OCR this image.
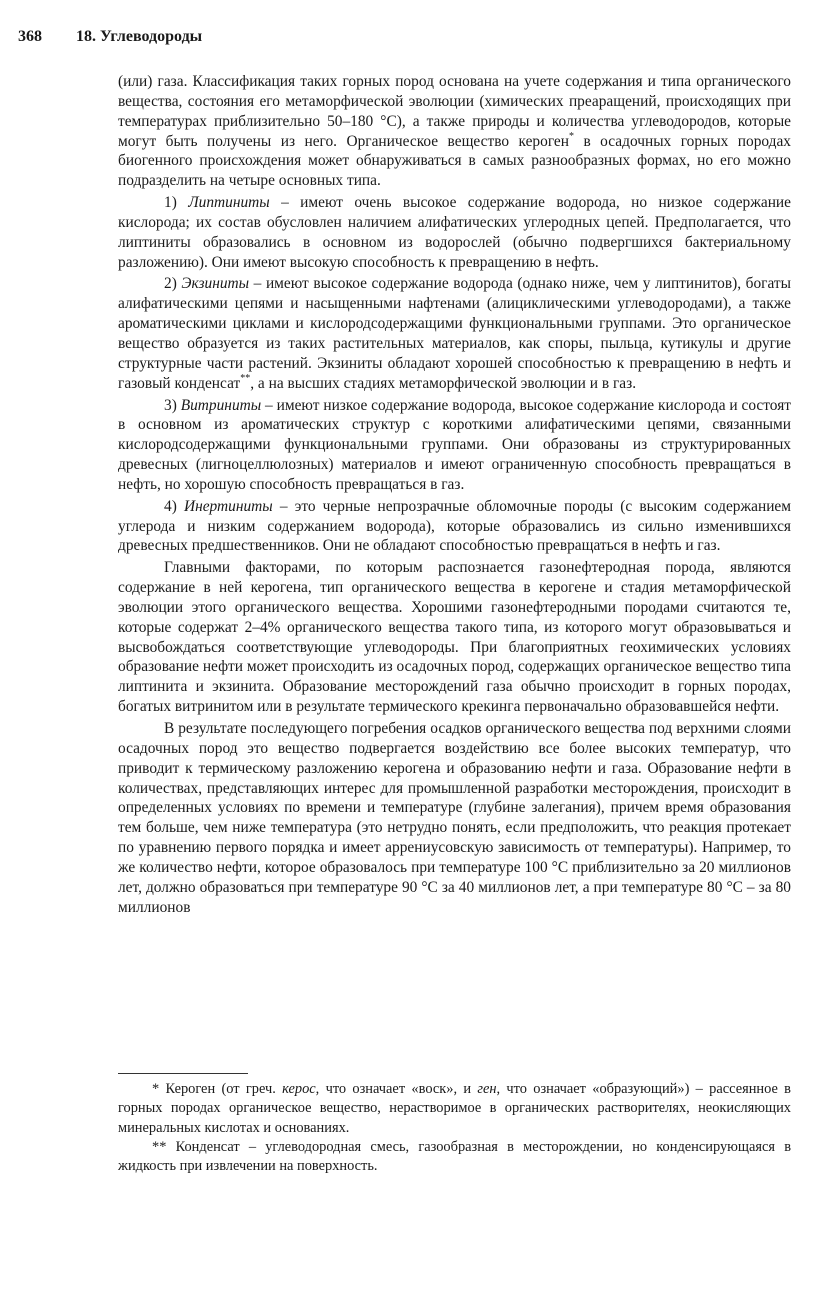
368 18. Углеводороды

(или) газа. Классификация таких горных пород основана на учете содержания и типа органического вещества, состояния его метаморфической эволюции (химических преаращений, происходящих при температурах приблизительно 50–180 °C), а также природы и количества углеводородов, которые могут быть получены из него. Органическое вещество кероген* в осадочных горных породах биогенного происхождения может обнаруживаться в самых разнообразных формах, но его можно подразделить на четыре основных типа.

1) Липтиниты – имеют очень высокое содержание водорода, но низкое содержание кислорода; их состав обусловлен наличием алифатических углеродных цепей. Предполагается, что липтиниты образовались в основном из водорослей (обычно подвергшихся бактериальному разложению). Они имеют высокую способность к превращению в нефть.

2) Экзиниты – имеют высокое содержание водорода (однако ниже, чем у липтинитов), богаты алифатическими цепями и насыщенными нафтенами (алициклическими углеводородами), а также ароматическими циклами и кислородсодержащими функциональными группами. Это органическое вещество образуется из таких растительных материалов, как споры, пыльца, кутикулы и другие структурные части растений. Экзиниты обладают хорошей способностью к превращению в нефть и газовый конденсат**, а на высших стадиях метаморфической эволюции и в газ.

3) Витриниты – имеют низкое содержание водорода, высокое содержание кислорода и состоят в основном из ароматических структур с короткими алифатическими цепями, связанными кислородсодержащими функциональными группами. Они образованы из структурированных древесных (лигноцеллюлозных) материалов и имеют ограниченную способность превращаться в нефть, но хорошую способность превращаться в газ.

4) Инертиниты – это черные непрозрачные обломочные породы (с высоким содержанием углерода и низким содержанием водорода), которые образовались из сильно изменившихся древесных предшественников. Они не обладают способностью превращаться в нефть и газ.

Главными факторами, по которым распознается газонефтеродная порода, являются содержание в ней керогена, тип органического вещества в керогене и стадия метаморфической эволюции этого органического вещества. Хорошими газонефтеродными породами считаются те, которые содержат 2–4% органического вещества такого типа, из которого могут образовываться и высвобождаться соответствующие углеводороды. При благоприятных геохимических условиях образование нефти может происходить из осадочных пород, содержащих органическое вещество типа липтинита и экзинита. Образование месторождений газа обычно происходит в горных породах, богатых витринитом или в результате термического крекинга первоначально образовавшейся нефти.

В результате последующего погребения осадков органического вещества под верхними слоями осадочных пород это вещество подвергается воздействию все более высоких температур, что приводит к термическому разложению керогена и образованию нефти и газа. Образование нефти в количествах, представляющих интерес для промышленной разработки месторождения, происходит в определенных условиях по времени и температуре (глубине залегания), причем время образования тем больше, чем ниже температура (это нетрудно понять, если предположить, что реакция протекает по уравнению первого порядка и имеет аррениусовскую зависимость от температуры). Например, то же количество нефти, которое образовалось при температуре 100 °C приблизительно за 20 миллионов лет, должно образоваться при температуре 90 °C за 40 миллионов лет, а при температуре 80 °C – за 80 миллионов

* Кероген (от греч. керос, что означает «воск», и ген, что означает «образующий») – рассеянное в горных породах органическое вещество, нерастворимое в органических растворителях, неокисляющих минеральных кислотах и основаниях.

** Конденсат – углеводородная смесь, газообразная в месторождении, но конденсирующаяся в жидкость при извлечении на поверхность.
